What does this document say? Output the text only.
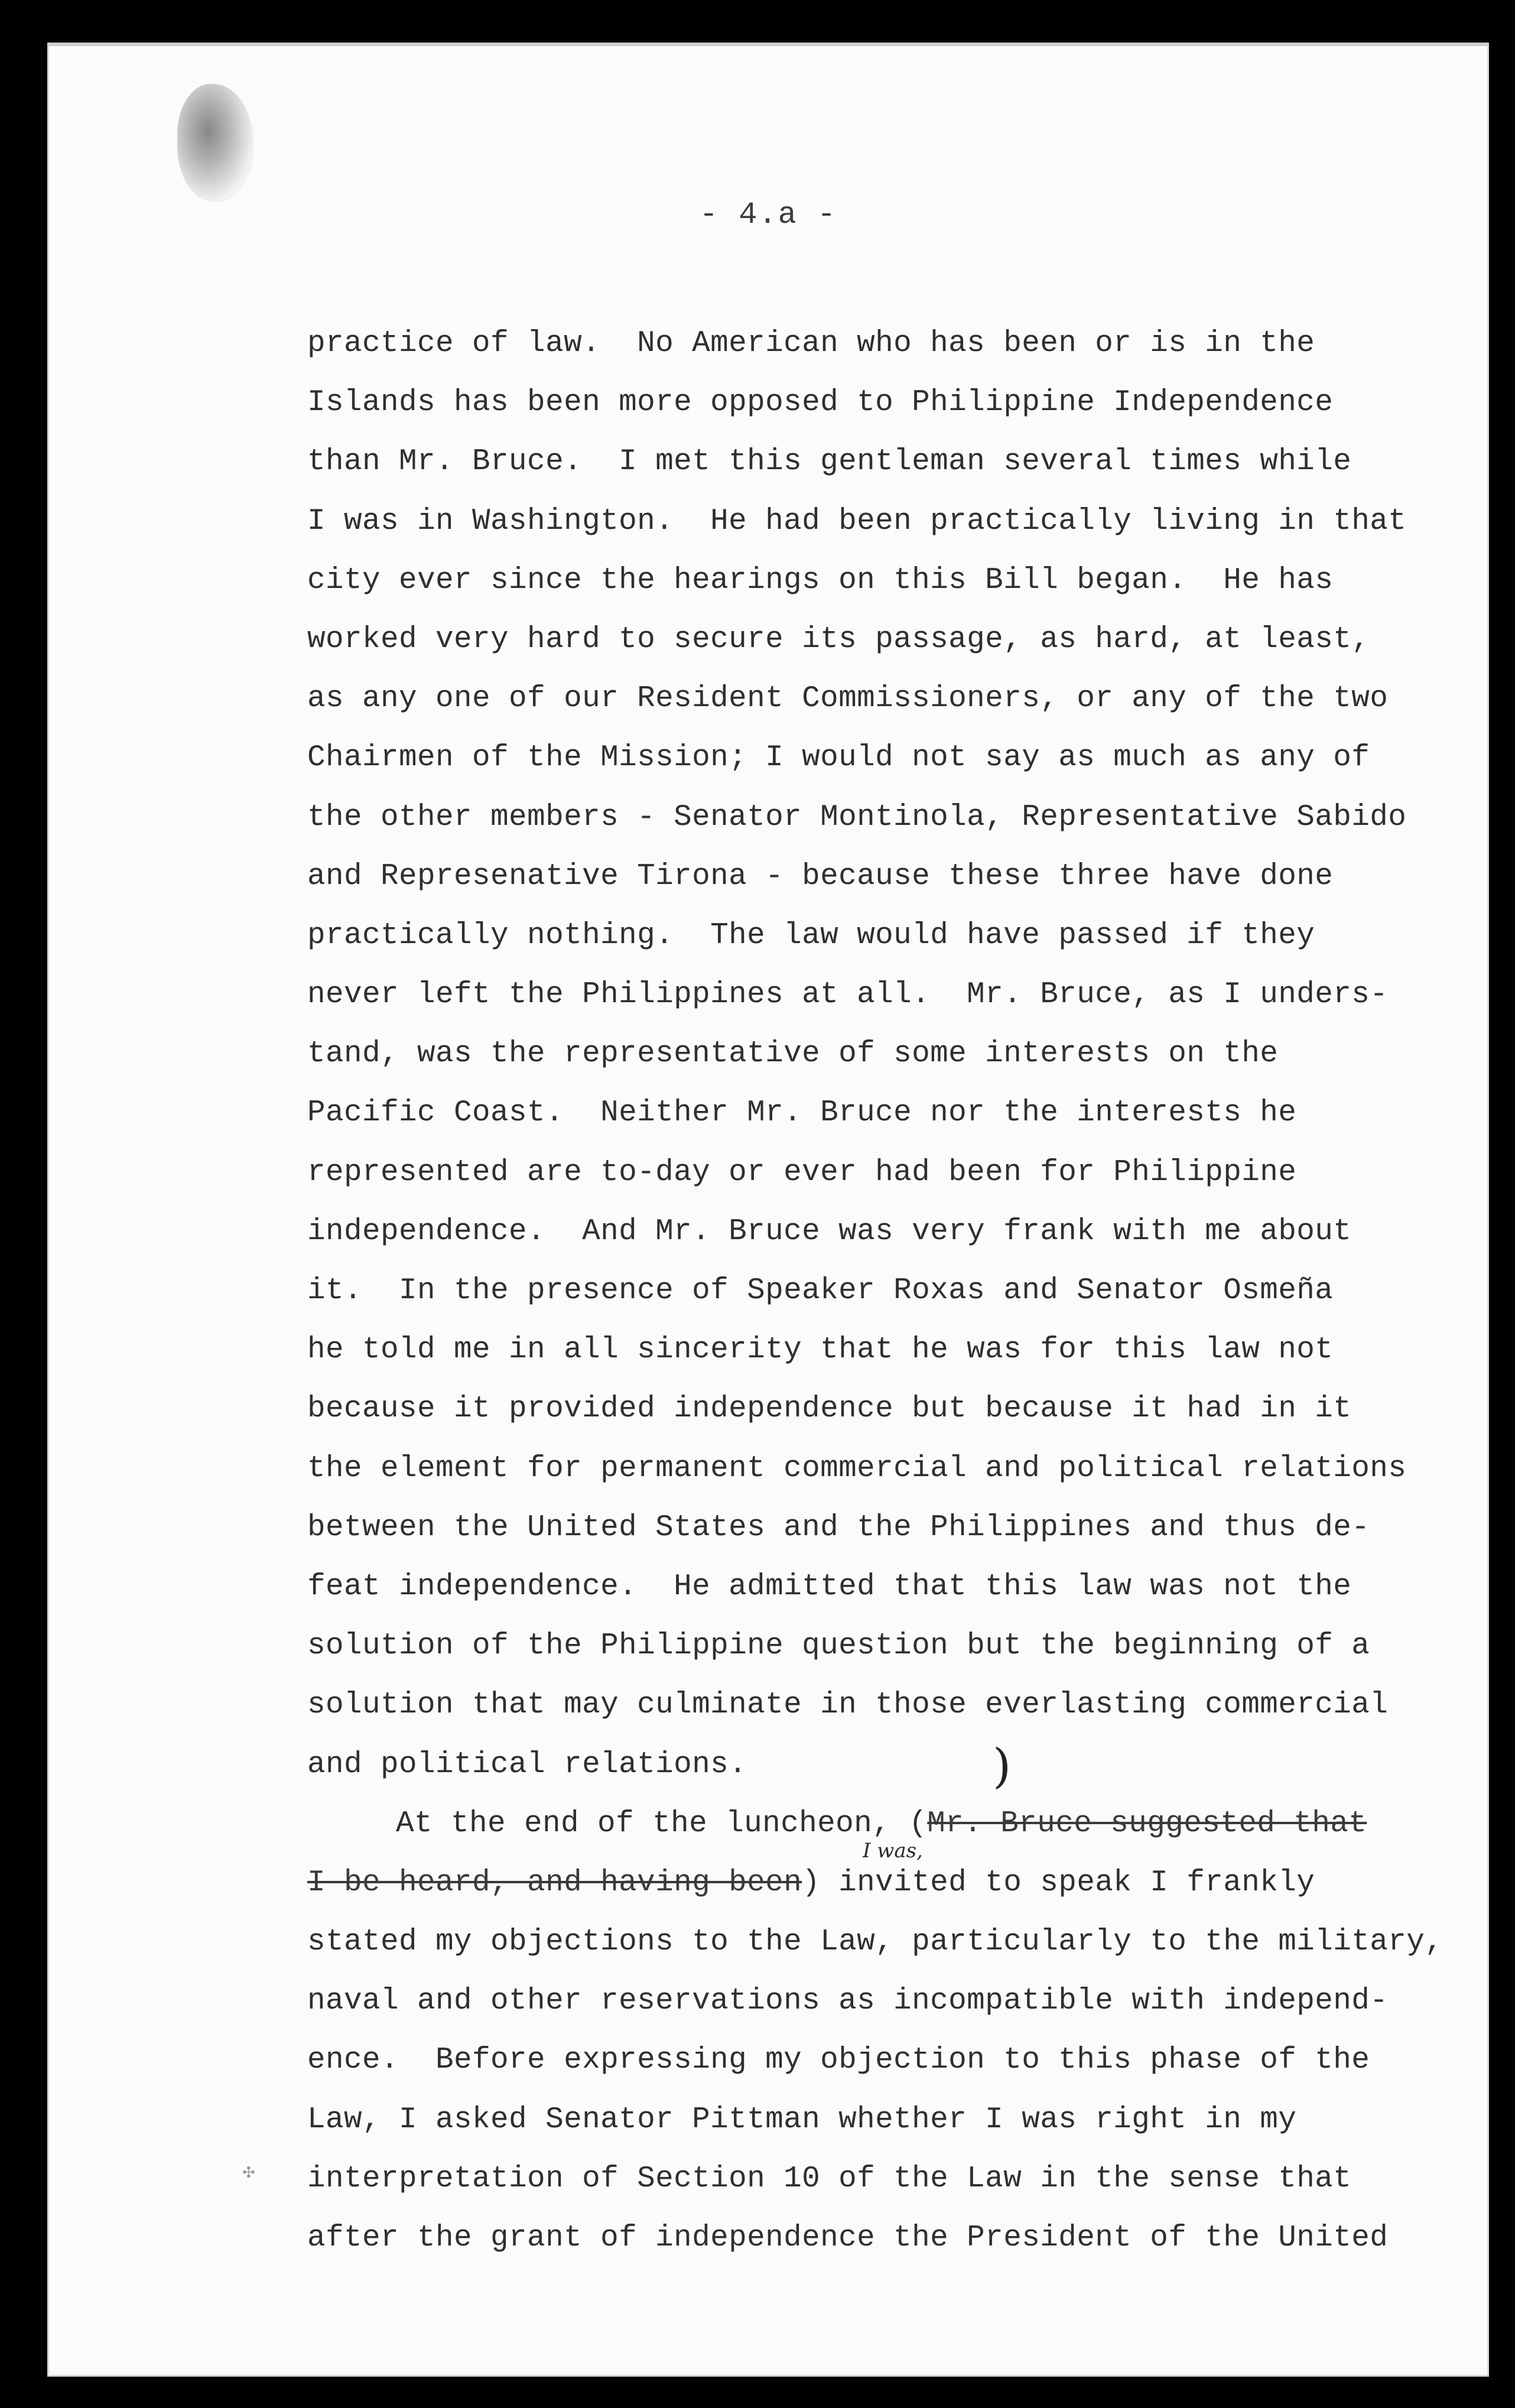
- 4.a -
practice of law.  No American who has been or is in the
Islands has been more opposed to Philippine Independence
than Mr. Bruce.  I met this gentleman several times while
I was in Washington.  He had been practically living in that
city ever since the hearings on this Bill began.  He has
worked very hard to secure its passage, as hard, at least,
as any one of our Resident Commissioners, or any of the two
Chairmen of the Mission; I would not say as much as any of
the other members - Senator Montinola, Representative Sabido
and Represenative Tirona - because these three have done
practically nothing.  The law would have passed if they
never left the Philippines at all.  Mr. Bruce, as I unders-
tand, was the representative of some interests on the
Pacific Coast.  Neither Mr. Bruce nor the interests he
represented are to-day or ever had been for Philippine
independence.  And Mr. Bruce was very frank with me about
it.  In the presence of Speaker Roxas and Senator Osmeña
he told me in all sincerity that he was for this law not
because it provided independence but because it had in it
the element for permanent commercial and political relations
between the United States and the Philippines and thus de-
feat independence.  He admitted that this law was not the
solution of the Philippine question but the beginning of a
solution that may culminate in those everlasting commercial
and political relations.
At the end of the luncheon, (Mr. Bruce suggested that
I be heard, and having been) invited to speak I frankly
stated my objections to the Law, particularly to the military,
naval and other reservations as incompatible with independ-
ence.  Before expressing my objection to this phase of the
Law, I asked Senator Pittman whether I was right in my
interpretation of Section 10 of the Law in the sense that
after the grant of independence the President of the United
I was,
)
✣
